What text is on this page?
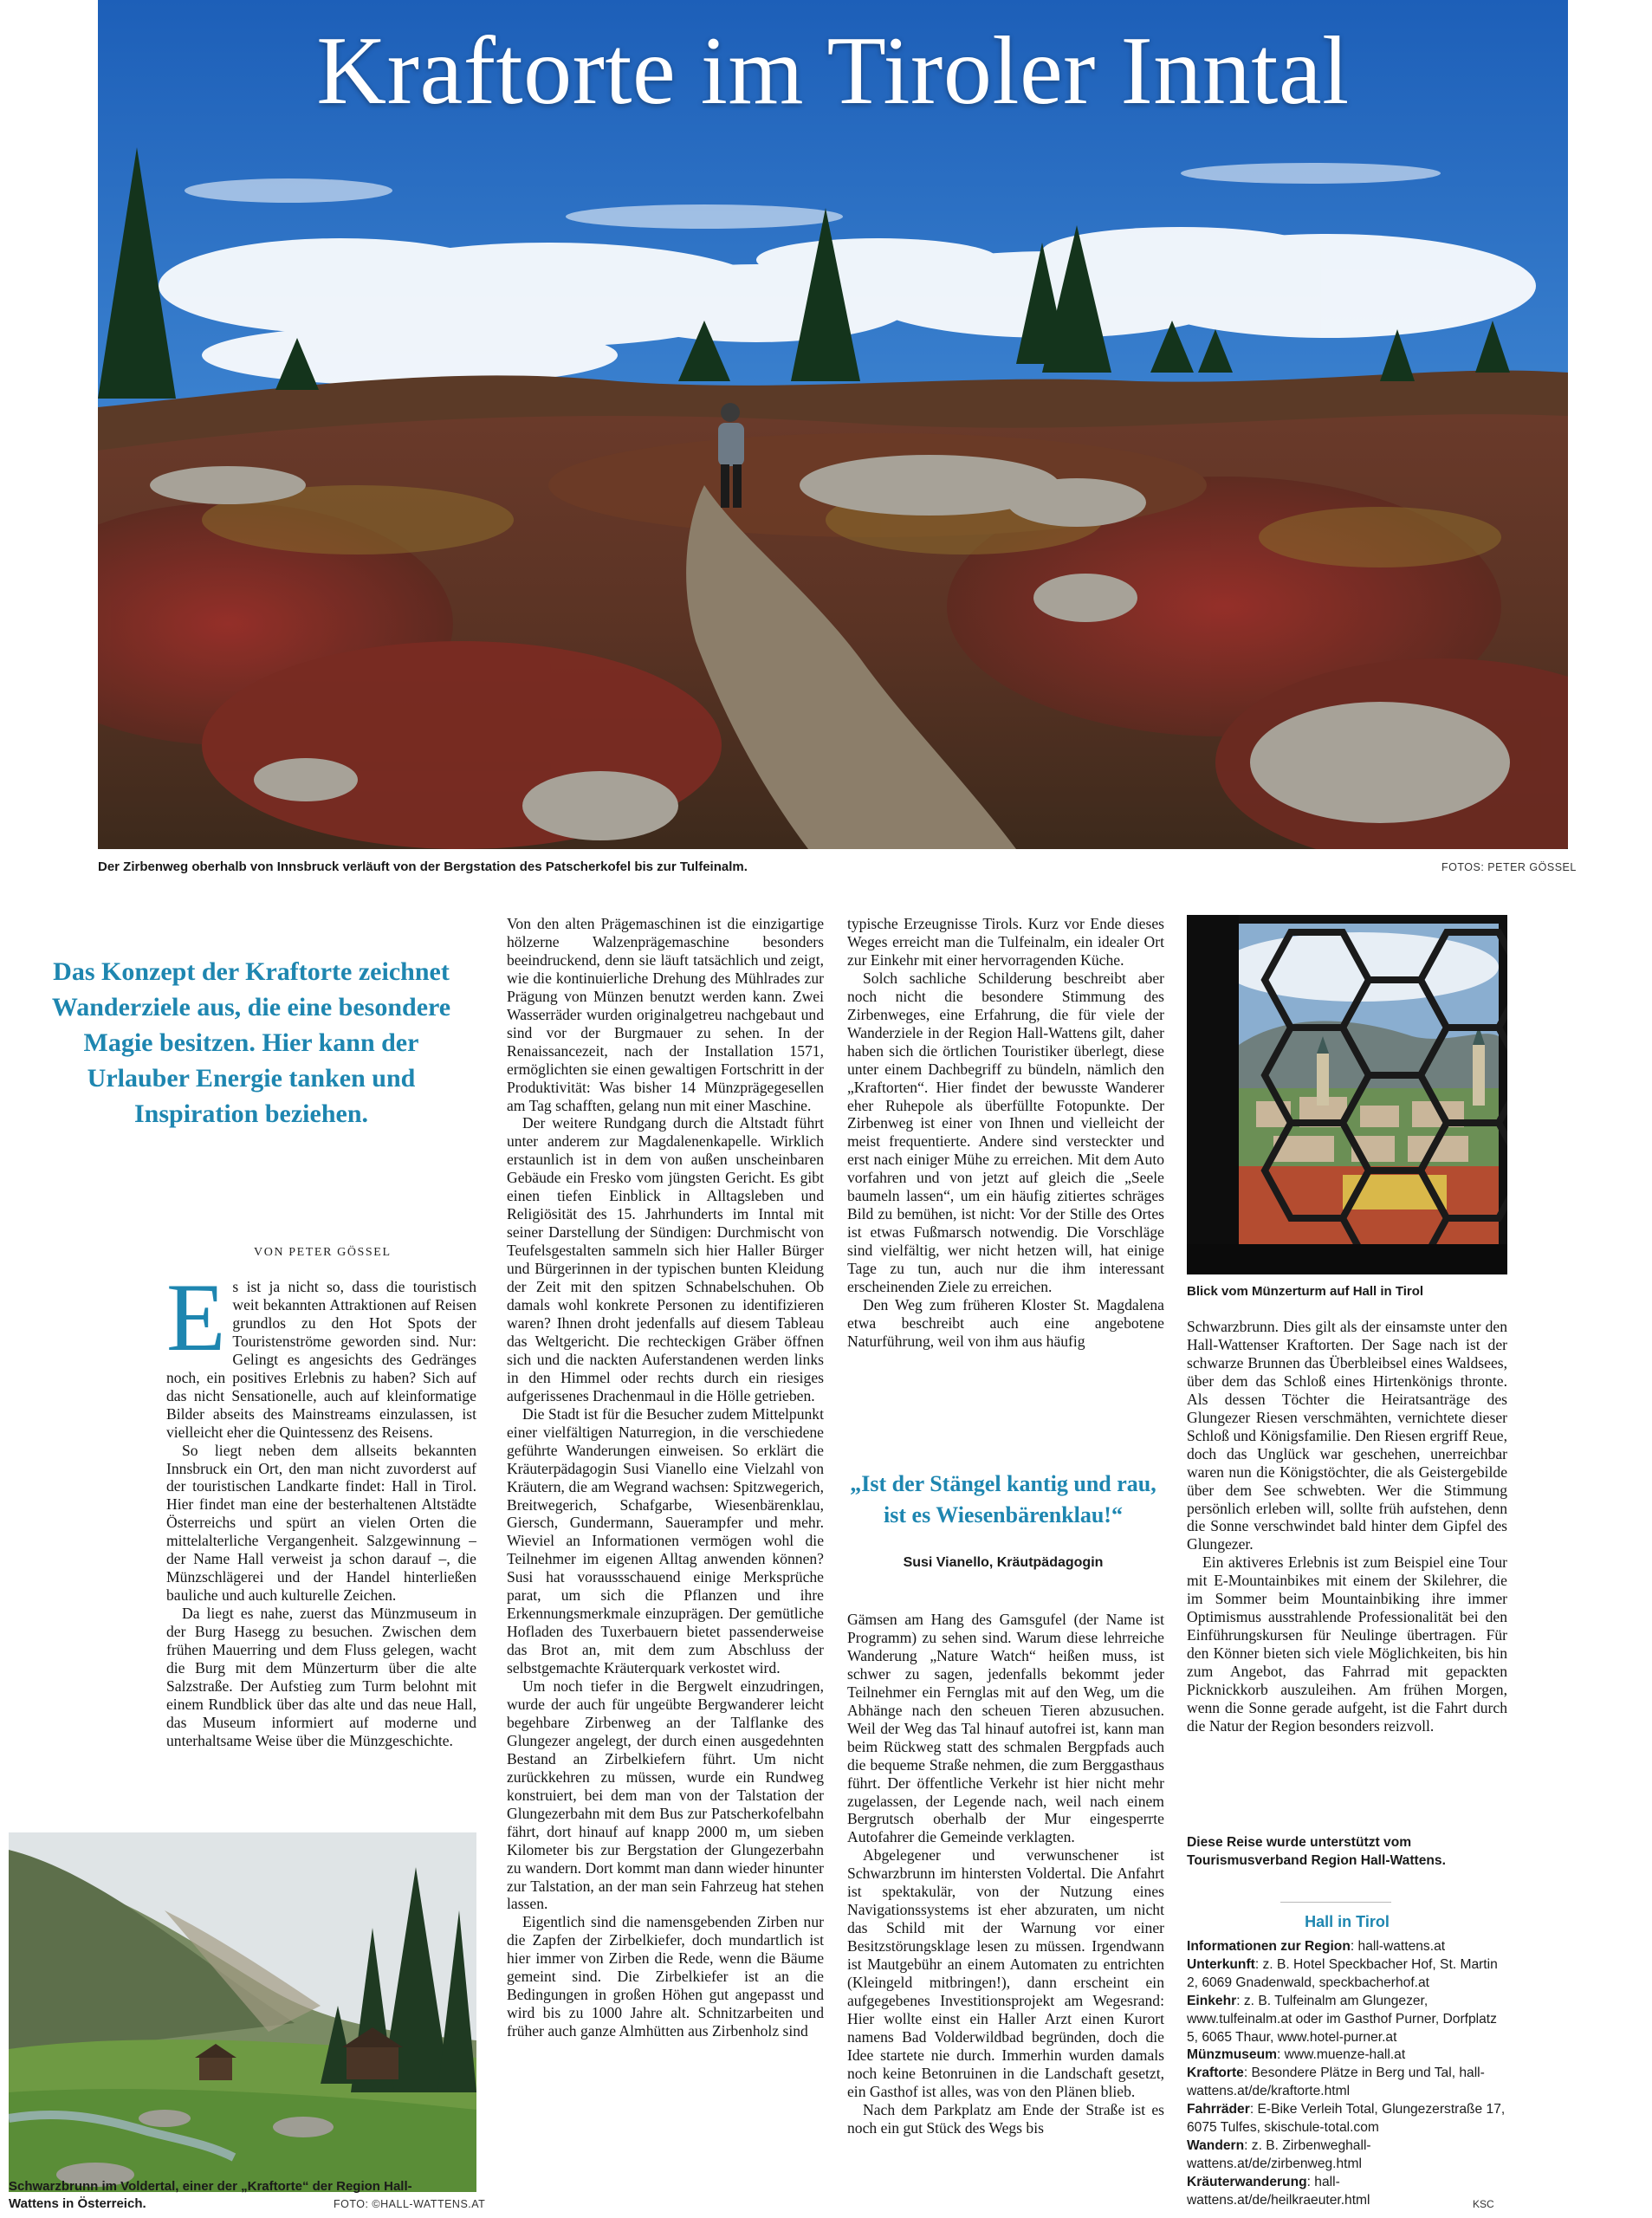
Kraftorte im Tiroler Inntal
Der Zirbenweg oberhalb von Innsbruck verläuft von der Bergstation des Patscherkofel bis zur Tulfeinalm.	FOTOS: PETER GÖSSEL
Das Konzept der Kraftorte zeichnet Wanderziele aus, die eine besondere Magie besitzen. Hier kann der Urlauber Energie tanken und Inspiration beziehen.
VON PETER GÖSSEL

Es ist ja nicht so, dass die touristisch weit bekannten Attraktionen auf Reisen grundlos zu den Hot Spots der Touristenströme geworden sind. Nur: Gelingt es angesichts des Gedränges noch, ein positives Erlebnis zu haben? Sich auf das nicht Sensationelle, auch auf kleinformatige Bilder abseits des Mainstreams einzulassen, ist vielleicht eher die Quintessenz des Reisens.

So liegt neben dem allseits bekannten Innsbruck ein Ort, den man nicht zuvorderst auf der touristischen Landkarte findet: Hall in Tirol. Hier findet man eine der besterhaltenen Altstädte Österreichs und spürt an vielen Orten die mittelalterliche Vergangenheit. Salzgewinnung – der Name Hall verweist ja schon darauf –, die Münzschlägerei und der Handel hinterließen bauliche und auch kulturelle Zeichen.

Da liegt es nahe, zuerst das Münzmuseum in der Burg Hasegg zu besuchen. Zwischen dem frühen Mauerring und dem Fluss gelegen, wacht die Burg mit dem Münzerturm über die alte Salzstraße. Der Aufstieg zum Turm belohnt mit einem Rundblick über das alte und das neue Hall, das Museum informiert auf moderne und unterhaltsame Weise über die Münzgeschichte.

Schwarzbrunn im Voldertal, einer der „Kraftorte“ der Region Hall-
Wattens in Österreich.	FOTO: ©HALL-WATTENS.AT

Von den alten Prägemaschinen ist die einzigartige hölzerne Walzenprägemaschine besonders beeindruckend, denn sie läuft tatsächlich und zeigt, wie die kontinuierliche Drehung des Mühlrades zur Prägung von Münzen benutzt werden kann. Zwei Wasserräder wurden originalgetreu nachgebaut und sind vor der Burgmauer zu sehen. In der Renaissancezeit, nach der Installation 1571, ermöglichten sie einen gewaltigen Fortschritt in der Produktivität: Was bisher 14 Münzprägegesellen am Tag schafften, gelang nun mit einer Maschine.

Der weitere Rundgang durch die Altstadt führt unter anderem zur Magdalenenkapelle. Wirklich erstaunlich ist in dem von außen unscheinbaren Gebäude ein Fresko vom jüngsten Gericht. Es gibt einen tiefen Einblick in Alltagsleben und Religiösität des 15. Jahrhunderts im Inntal mit seiner Darstellung der Sündigen: Durchmischt von Teufelsgestalten sammeln sich hier Haller Bürger und Bürgerinnen in der typischen bunten Kleidung der Zeit mit den spitzen Schnabelschuhen. Ob damals wohl konkrete Personen zu identifizieren waren? Ihnen droht jedenfalls auf diesem Tableau das Weltgericht. Die rechteckigen Gräber öffnen sich und die nackten Auferstandenen werden links in den Himmel oder rechts durch ein riesiges aufgerissenes Drachenmaul in die Hölle getrieben.

Die Stadt ist für die Besucher zudem Mittelpunkt einer vielfältigen Naturregion, in die verschiedene geführte Wanderungen einweisen. So erklärt die Kräuterpädagogin Susi Vianello eine Vielzahl von Kräutern, die am Wegrand wachsen: Spitzwegerich, Breitwegerich, Schafgarbe, Wiesenbärenklau, Giersch, Gundermann, Sauerampfer und mehr. Wieviel an Informationen vermögen wohl die Teilnehmer im eigenen Alltag anwenden können? Susi hat voraussschauend einige Merksprüche parat, um sich die Pflanzen und ihre Erkennungsmerkmale einzuprägen. Der gemütliche Hofladen des Tuxerbauern bietet passenderweise das Brot an, mit dem zum Abschluss der selbstgemachte Kräuterquark verkostet wird.

Um noch tiefer in die Bergwelt einzudringen, wurde der auch für ungeübte Bergwanderer leicht begehbare Zirbenweg an der Talflanke des Glungezer angelegt, der durch einen ausgedehnten Bestand an Zirbelkiefern führt. Um nicht zurückkehren zu müssen, wurde ein Rundweg konstruiert, bei dem man von der Talstation der Glungezerbahn mit dem Bus zur Patscherkofelbahn fährt, dort hinauf auf knapp 2000 m, um sieben Kilometer bis zur Bergstation der Glungezerbahn zu wandern. Dort kommt man dann wieder hinunter zur Talstation, an der man sein Fahrzeug hat stehen lassen.

Eigentlich sind die namensgebenden Zirben nur die Zapfen der Zirbelkiefer, doch mundartlich ist hier immer von Zirben die Rede, wenn die Bäume gemeint sind. Die Zirbelkiefer ist an die Bedingungen in großen Höhen gut angepasst und wird bis zu 1000 Jahre alt. Schnitzarbeiten und früher auch ganze Almhütten aus Zirbenholz sind

typische Erzeugnisse Tirols. Kurz vor Ende dieses Weges erreicht man die Tulfeinalm, ein idealer Ort zur Einkehr mit einer hervorragenden Küche.

Solch sachliche Schilderung beschreibt aber noch nicht die besondere Stimmung des Zirbenweges, eine Erfahrung, die für viele der Wanderziele in der Region Hall-Wattens gilt, daher haben sich die örtlichen Touristiker überlegt, diese unter einem Dachbegriff zu bündeln, nämlich den „Kraftorten“. Hier findet der bewusste Wanderer eher Ruhepole als überfüllte Fotopunkte. Der Zirbenweg ist einer von Ihnen und vielleicht der meist frequentierte. Andere sind versteckter und erst nach einiger Mühe zu erreichen. Mit dem Auto vorfahren und von jetzt auf gleich die „Seele baumeln lassen“, um ein häufig zitiertes schräges Bild zu bemühen, ist nicht: Vor der Stille des Ortes ist etwas Fußmarsch notwendig. Die Vorschläge sind vielfältig, wer nicht hetzen will, hat einige Tage zu tun, auch nur die ihm interessant erscheinenden Ziele zu erreichen.

Den Weg zum früheren Kloster St. Magdalena etwa beschreibt auch eine angebotene Naturführung, weil von ihm aus häufig

„Ist der Stängel kantig und rau, ist es Wiesenbärenklau!“
Susi Vianello, Kräutpädagogin

Gämsen am Hang des Gamsgufel (der Name ist Programm) zu sehen sind. Warum diese lehrreiche Wanderung „Nature Watch“ heißen muss, ist schwer zu sagen, jedenfalls bekommt jeder Teilnehmer ein Fernglas mit auf den Weg, um die Abhänge nach den scheuen Tieren abzusuchen. Weil der Weg das Tal hinauf autofrei ist, kann man beim Rückweg statt des schmalen Bergpfads auch die bequeme Straße nehmen, die zum Berggasthaus führt. Der öffentliche Verkehr ist hier nicht mehr zugelassen, der Legende nach, weil nach einem Bergrutsch oberhalb der Mur eingesperrte Autofahrer die Gemeinde verklagten.

Abgelegener und verwunschener ist Schwarzbrunn im hintersten Voldertal. Die Anfahrt ist spektakulär, von der Nutzung eines Navigationssystems ist eher abzuraten, um nicht das Schild mit der Warnung vor einer Besitzstörungsklage lesen zu müssen. Irgendwann ist Mautgebühr an einem Automaten zu entrichten (Kleingeld mitbringen!), dann erscheint ein aufgegebenes Investitionsprojekt am Wegesrand: Hier wollte einst ein Haller Arzt einen Kurort namens Bad Volderwildbad begründen, doch die Idee startete nie durch. Immerhin wurden damals noch keine Betonruinen in die Landschaft gesetzt, ein Gasthof ist alles, was von den Plänen blieb.

Nach dem Parkplatz am Ende der Straße ist es noch ein gut Stück des Wegs bis

Blick vom Münzerturm auf Hall in Tirol

Schwarzbrunn. Dies gilt als der einsamste unter den Hall-Wattenser Kraftorten. Der Sage nach ist der schwarze Brunnen das Überbleibsel eines Waldsees, über dem das Schloß eines Hirtenkönigs thronte. Als dessen Töchter die Heiratsanträge des Glungezer Riesen verschmähten, vernichtete dieser Schloß und Königsfamilie. Den Riesen ergriff Reue, doch das Unglück war geschehen, unerreichbar waren nun die Königstöchter, die als Geistergebilde über dem See schwebten. Wer die Stimmung persönlich erleben will, sollte früh aufstehen, denn die Sonne verschwindet bald hinter dem Gipfel des Glungezer.

Ein aktiveres Erlebnis ist zum Beispiel eine Tour mit E-Mountainbikes mit einem der Skilehrer, die im Sommer beim Mountainbiking ihre immer Optimismus ausstrahlende Professionalität bei den Einführungskursen für Neulinge übertragen. Für den Könner bieten sich viele Möglichkeiten, bis hin zum Angebot, das Fahrrad mit gepackten Picknickkorb auszuleihen. Am frühen Morgen, wenn die Sonne gerade aufgeht, ist die Fahrt durch die Natur der Region besonders reizvoll.

Diese Reise wurde unterstützt vom Tourismusverband Region Hall-Wattens.
Hall in Tirol
Informationen zur Region: hall-wattens.at
Unterkunft: z. B. Hotel Speckbacher Hof, St. Martin 2, 6069 Gnadenwald, speckbacherhof.at
Einkehr: z. B. Tulfeinalm am Glungezer, www.tulfeinalm.at oder im Gasthof Purner, Dorfplatz 5, 6065 Thaur, www.hotel-purner.at
Münzmuseum: www.muenze-hall.at
Kraftorte: Besondere Plätze in Berg und Tal, hall-wattens.at/de/kraftorte.html
Fahrräder: E-Bike Verleih Total, Glungezerstraße 17, 6075 Tulfes, skischule-total.com
Wandern: z. B. Zirbenweghall-wattens.at/de/zirbenweg.html
Kräuterwanderung: hall-wattens.at/de/heilkraeuter.html	KSC
